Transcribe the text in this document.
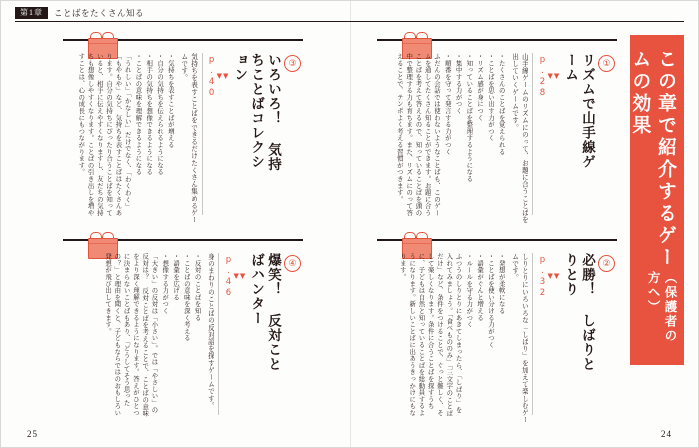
第1章	ことばをたくさん知る
この章で紹介するゲームの効果
（保護者の方へ）
①
リズムで山手線ゲーム
▼▼
p.28
山手線ゲームのリズムにのって、お題に合うことばを出していくゲームです。
・たくさんのことばを覚えられる
・ことばを思い出す力がつく
・リズム感が身につく
・知っていることばを整理するようになる
・集中する力がつく
・順番を守って発言する力がつく
ふだんの会話では使わないようなことばも、このゲームを通してたくさん知ることができます。お題に合うことばを考えて答えるので、知っていることばを頭の中で整理する力も育ちます。また、リズムにのって答えることで、テンポよく考える習慣がつきます。
②
必勝！ しばりとりとり
▼▼
p.32
しりとりにいろいろな「しばり」を加えて楽しむゲームです。
・発想が柔軟になる
・ことばを使い分ける力がつく
・語彙がぐんと増える
・ルールを守る力がつく
ふつうのしりとりにあきてしまったら、「しばり」を入れてみましょう。「食べもののみ」「三文字のことばだけ」など、条件をつけることで、ぐっと難しく、そして楽しくなります。条件に合うことばを探すうちに、子どもは自然と知っていることばを総動員するようになります。新しいことばに出あうきっかけにもなります。
③
いろいろ！ 気持ちことばコレクション
▼▼
p.40
気持ちを表すことばをできるだけたくさん集めるゲームです。
・気持ちを表すことばが増える
・自分の気持ちを伝えられるようになる
・相手の気持ちを想像できるようになる
・ことばの意味を理解できるようになる
「うれしい」「かなしい」だけでなく、「わくわく」「もやもや」など、気持ちを表すことばはたくさんあります。自分の気持ちにぴったり合うことばを知っていると、相手に伝えやすくなりますし、友だちの気持ちも想像しやすくなります。ことばの引き出しを増やすことは、心の成長にもつながります。
④
爆笑！ 反対ことばハンター
▼▼
p.46
身のまわりのことばの反対語を探すゲームです。
・反対のことばを知る
・ことばの意味を深く考える
・語彙を広げる
・想像する力がつく
「大きい」の反対は「小さい」。では「やさしい」の反対は？ 反対ことばを考えることで、ことばの意味をより深く理解できるようになります。答えがひとつに決まらないことばもあり、「どうしてそう思ったの？」と理由を聞くと、子どもならではのおもしろい発想が飛び出してきます。
25	24
